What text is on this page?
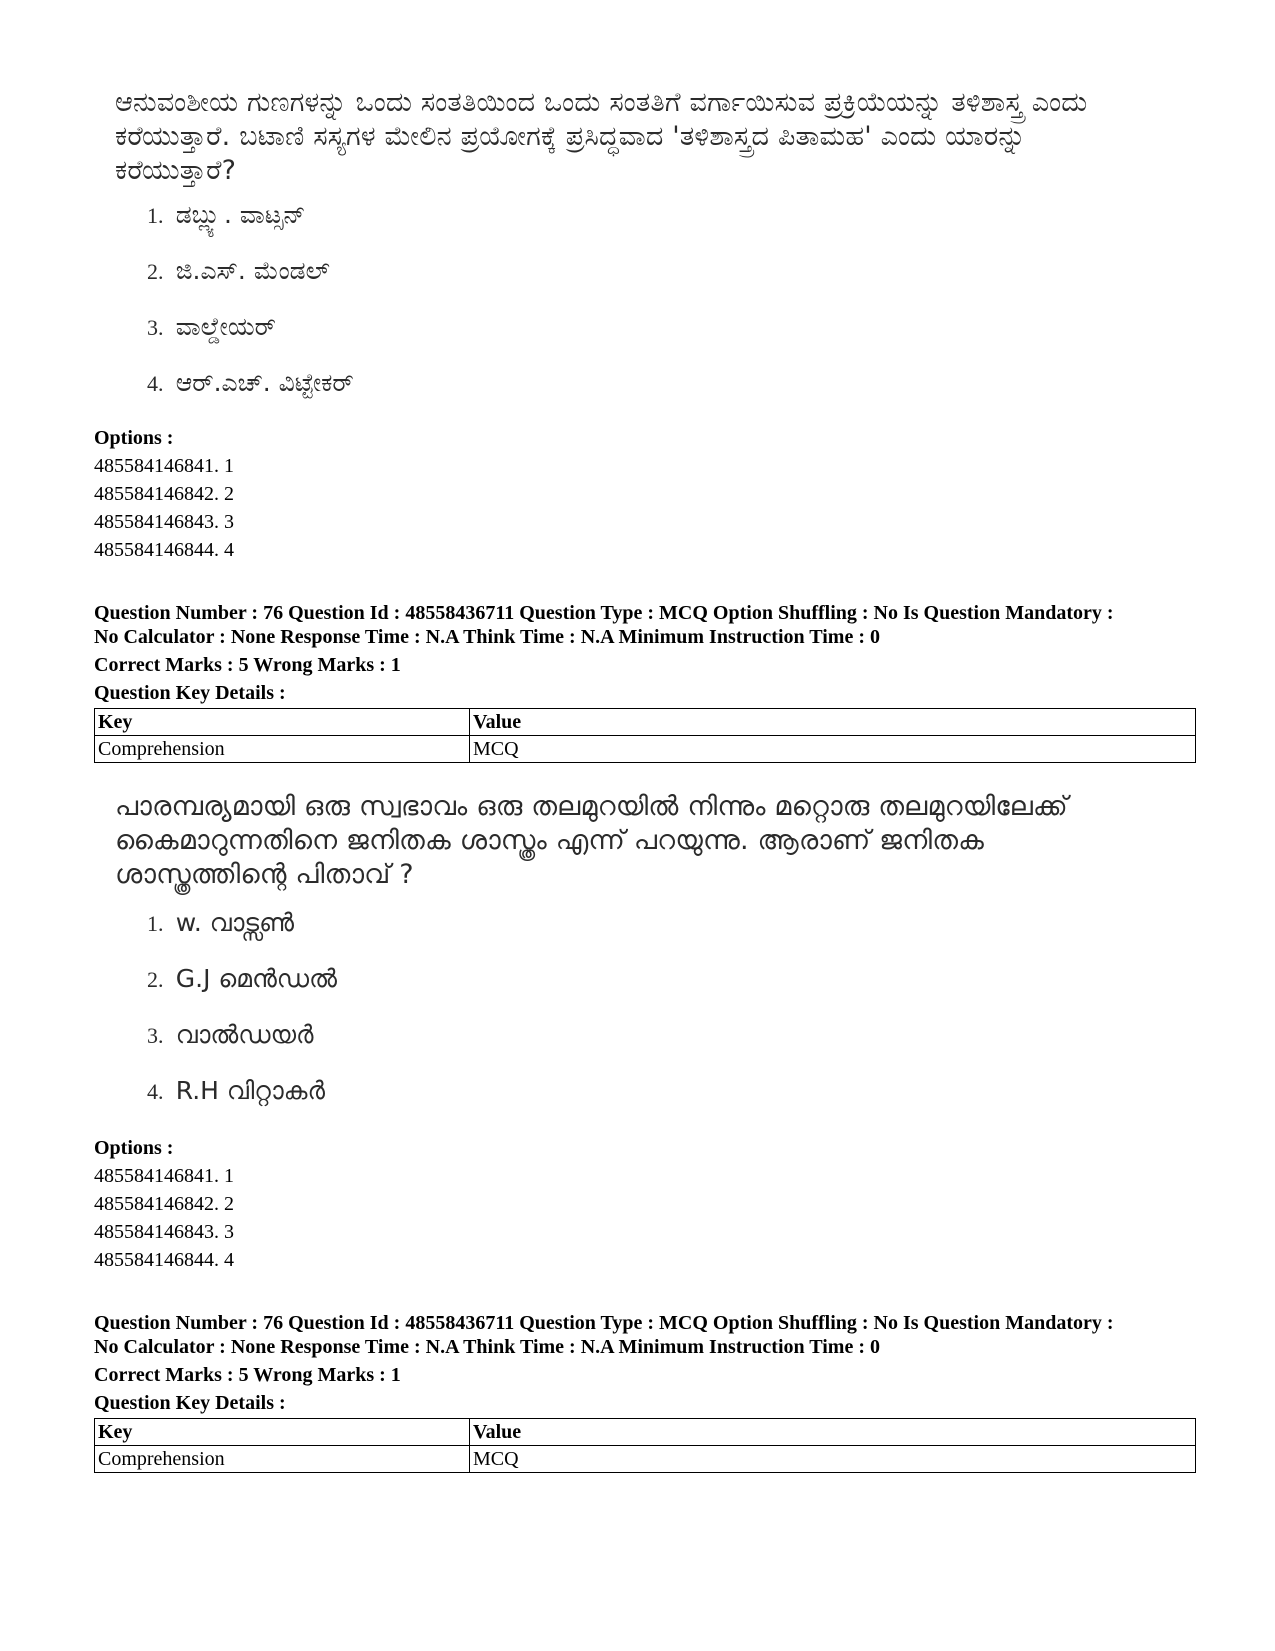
ಆನುವಂಶೀಯ ಗುಣಗಳನ್ನು ಒಂದು ಸಂತತಿಯಿಂದ ಒಂದು ಸಂತತಿಗೆ ವರ್ಗಾಯಿಸುವ ಪ್ರಕ್ರಿಯೆಯನ್ನು ತಳಿಶಾಸ್ತ್ರ ಎಂದು ಕರೆಯುತ್ತಾರೆ. ಬಟಾಣಿ ಸಸ್ಯಗಳ ಮೇಲಿನ ಪ್ರಯೋಗಕ್ಕೆ ಪ್ರಸಿದ್ಧವಾದ 'ತಳಿಶಾಸ್ತ್ರದ ಪಿತಾಮಹ' ಎಂದು ಯಾರನ್ನು ಕರೆಯುತ್ತಾರೆ?
1. ಡಬ್ಲ್ಯು. ವಾಟ್ಸನ್
2. ಜಿ.ಎಸ್. ಮೆಂಡಲ್
3. ವಾಲ್ಡೇಯರ್
4. ಆರ್.ಎಚ್. ವಿಟ್ಟೇಕರ್
Options :
485584146841. 1
485584146842. 2
485584146843. 3
485584146844. 4
Question Number : 76 Question Id : 48558436711 Question Type : MCQ Option Shuffling : No Is Question Mandatory :
No Calculator : None Response Time : N.A Think Time : N.A Minimum Instruction Time : 0
Correct Marks : 5 Wrong Marks : 1
Question Key Details :
Key	Value
Comprehension	MCQ
പാരമ്പര്യമായി ഒരു സ്വഭാവം ഒരു തലമുറയിൽ നിന്നും മറ്റൊരു തലമുറയിലേക്ക് കൈമാറുന്നതിനെ ജനിതക ശാസ്ത്രം എന്ന് പറയുന്നു. ആരാണ് ജനിതക ശാസ്ത്രത്തിന്റെ പിതാവ് ?
1. w. വാട്സൺ
2. G.J മെൻഡൽ
3. വാൽഡയർ
4. R.H വിറ്റാകർ
Options :
485584146841. 1
485584146842. 2
485584146843. 3
485584146844. 4
Question Number : 76 Question Id : 48558436711 Question Type : MCQ Option Shuffling : No Is Question Mandatory :
No Calculator : None Response Time : N.A Think Time : N.A Minimum Instruction Time : 0
Correct Marks : 5 Wrong Marks : 1
Question Key Details :
Key	Value
Comprehension	MCQ
